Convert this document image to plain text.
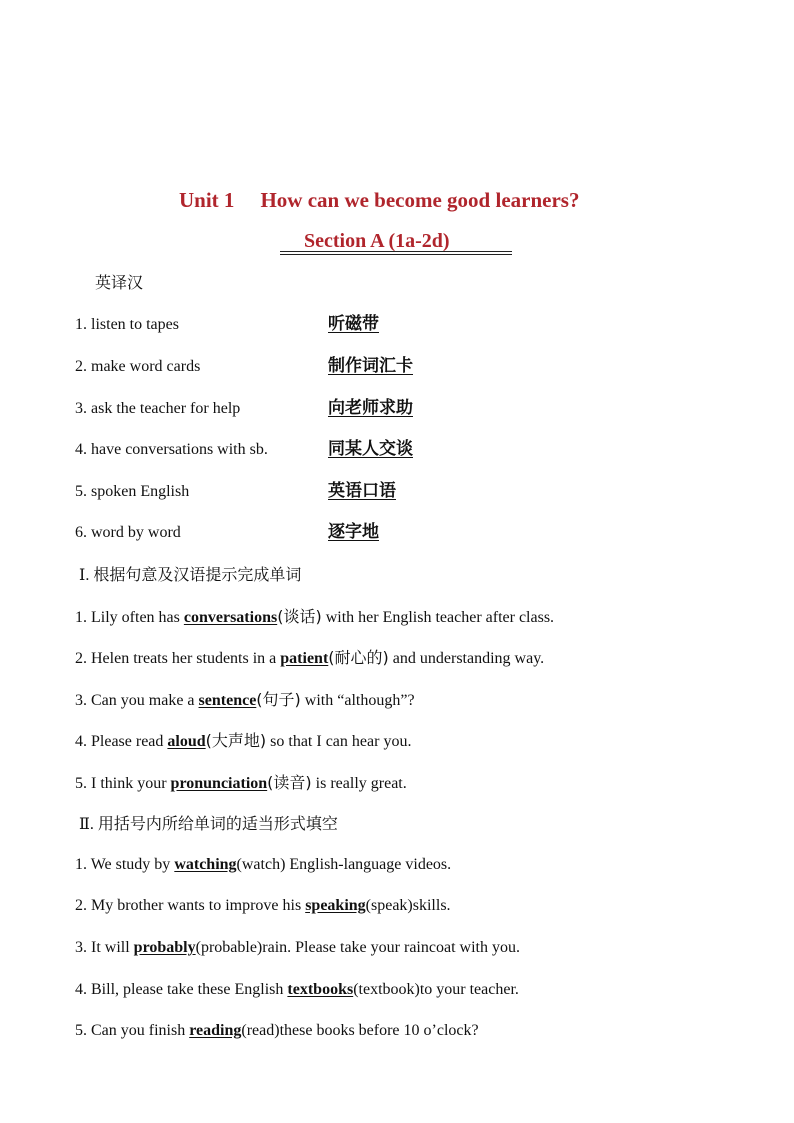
Unit 1 How can we become good learners?
Section A (1a-2d)
英译汉
1. listen to tapes	听磁带
2. make word cards	制作词汇卡
3. ask the teacher for help	向老师求助
4. have conversations with sb.	同某人交谈
5. spoken English	英语口语
6. word by word	逐字地
Ⅰ. 根据句意及汉语提示完成单词
1. Lily often has conversations(谈话) with her English teacher after class.
2. Helen treats her students in a patient(耐心的) and understanding way.
3. Can you make a sentence(句子) with “although”?
4. Please read aloud(大声地) so that I can hear you.
5. I think your pronunciation(读音) is really great.
Ⅱ. 用括号内所给单词的适当形式填空
1. We study by watching(watch) English-language videos.
2. My brother wants to improve his speaking(speak)skills.
3. It will probably(probable)rain. Please take your raincoat with you.
4. Bill, please take these English textbooks(textbook)to your teacher.
5. Can you finish reading(read)these books before 10 o’clock?
